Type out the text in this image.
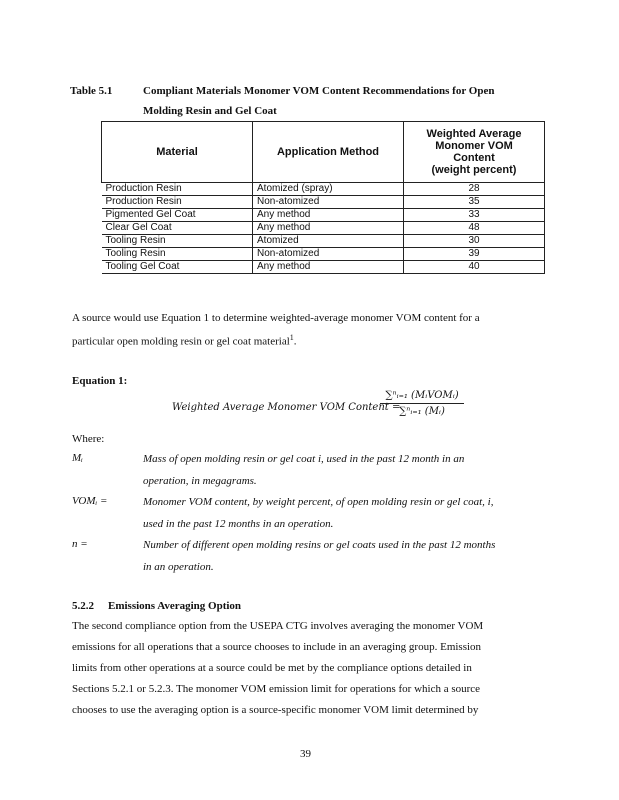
Table 5.1	Compliant Materials Monomer VOM Content Recommendations for Open
Molding Resin and Gel Coat
Material	Application Method	Weighted Average
Monomer VOM
Content
(weight percent)

Production Resin	Atomized (spray)	28
Production Resin	Non-atomized	35
Pigmented Gel Coat	Any method	33
Clear Gel Coat	Any method	48
Tooling Resin	Atomized	30
Tooling Resin	Non-atomized	39
Tooling Gel Coat	Any method	40
A source would use Equation 1 to determine weighted-average monomer VOM content for a
particular open molding resin or gel coat material$^1$.
Equation 1:
Weighted Average Monomer VOM Content =
∑ⁿᵢ₌₁ (MᵢVOMᵢ)
∑ⁿᵢ₌₁ (Mᵢ)
Where:
Mᵢ	Mass of open molding resin or gel coat i, used in the past 12 month in an
operation, in megagrams.
VOMᵢ =	Monomer VOM content, by weight percent, of open molding resin or gel coat, i,
used in the past 12 months in an operation.
n =	Number of different open molding resins or gel coats used in the past 12 months
in an operation.
5.2.2 Emissions Averaging Option
The second compliance option from the USEPA CTG involves averaging the monomer VOM
emissions for all operations that a source chooses to include in an averaging group. Emission
limits from other operations at a source could be met by the compliance options detailed in
Sections 5.2.1 or 5.2.3. The monomer VOM emission limit for operations for which a source
chooses to use the averaging option is a source-specific monomer VOM limit determined by
39
